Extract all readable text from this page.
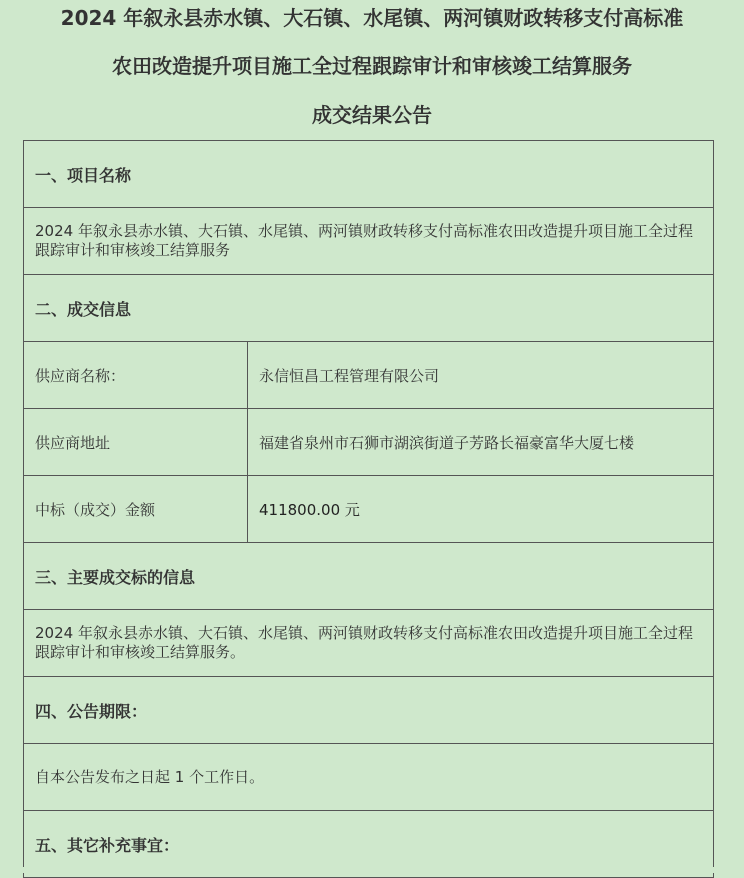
2024 年叙永县赤水镇、大石镇、水尾镇、两河镇财政转移支付高标准
农田改造提升项目施工全过程跟踪审计和审核竣工结算服务
成交结果公告
一、项目名称	
2024 年叙永县赤水镇、大石镇、水尾镇、两河镇财政转移支付高标准农田改造提升项目施工全过程跟踪审计和审核竣工结算服务	
二、成交信息	
供应商名称：	永信恒昌工程管理有限公司
供应商地址	福建省泉州市石狮市湖滨街道子芳路长福豪富华大厦七楼
中标（成交）金额	411800.00 元
三、主要成交标的信息	
2024 年叙永县赤水镇、大石镇、水尾镇、两河镇财政转移支付高标准农田改造提升项目施工全过程跟踪审计和审核竣工结算服务。	
四、公告期限：	
自本公告发布之日起 1 个工作日。	
五、其它补充事宜：	
